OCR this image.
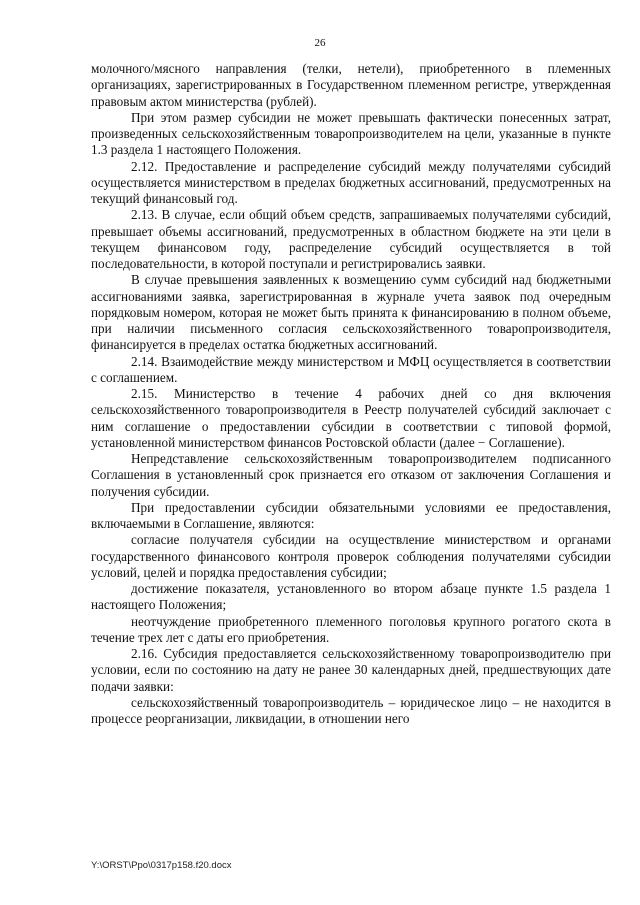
26

молочного/мясного направления (телки, нетели), приобретенного в племенных организациях, зарегистрированных в Государственном племенном регистре, утвержденная правовым актом министерства (рублей).

При этом размер субсидии не может превышать фактически понесенных затрат, произведенных сельскохозяйственным товаропроизводителем на цели, указанные в пункте 1.3 раздела 1 настоящего Положения.

2.12. Предоставление и распределение субсидий между получателями субсидий осуществляется министерством в пределах бюджетных ассигнований, предусмотренных на текущий финансовый год.

2.13. В случае, если общий объем средств, запрашиваемых получателями субсидий, превышает объемы ассигнований, предусмотренных в областном бюджете на эти цели в текущем финансовом году, распределение субсидий осуществляется в той последовательности, в которой поступали и регистрировались заявки.

В случае превышения заявленных к возмещению сумм субсидий над бюджетными ассигнованиями заявка, зарегистрированная в журнале учета заявок под очередным порядковым номером, которая не может быть принята к финансированию в полном объеме, при наличии письменного согласия сельскохозяйственного товаропроизводителя, финансируется в пределах остатка бюджетных ассигнований.

2.14. Взаимодействие между министерством и МФЦ осуществляется в соответствии с соглашением.

2.15. Министерство в течение 4 рабочих дней со дня включения сельскохозяйственного товаропроизводителя в Реестр получателей субсидий заключает с ним соглашение о предоставлении субсидии в соответствии с типовой формой, установленной министерством финансов Ростовской области (далее − Соглашение).

Непредставление сельскохозяйственным товаропроизводителем подписанного Соглашения в установленный срок признается его отказом от заключения Соглашения и получения субсидии.

При предоставлении субсидии обязательными условиями ее предоставления, включаемыми в Соглашение, являются:

согласие получателя субсидии на осуществление министерством и органами государственного финансового контроля проверок соблюдения получателями субсидии условий, целей и порядка предоставления субсидии;

достижение показателя, установленного во втором абзаце пункте 1.5 раздела 1 настоящего Положения;

неотчуждение приобретенного племенного поголовья крупного рогатого скота в течение трех лет с даты его приобретения.

2.16. Субсидия предоставляется сельскохозяйственному товаропроизводителю при условии, если по состоянию на дату не ранее 30 календарных дней, предшествующих дате подачи заявки:

сельскохозяйственный товаропроизводитель – юридическое лицо – не находится в процессе реорганизации, ликвидации, в отношении него

Y:\ORST\Ppo\0317p158.f20.docx
